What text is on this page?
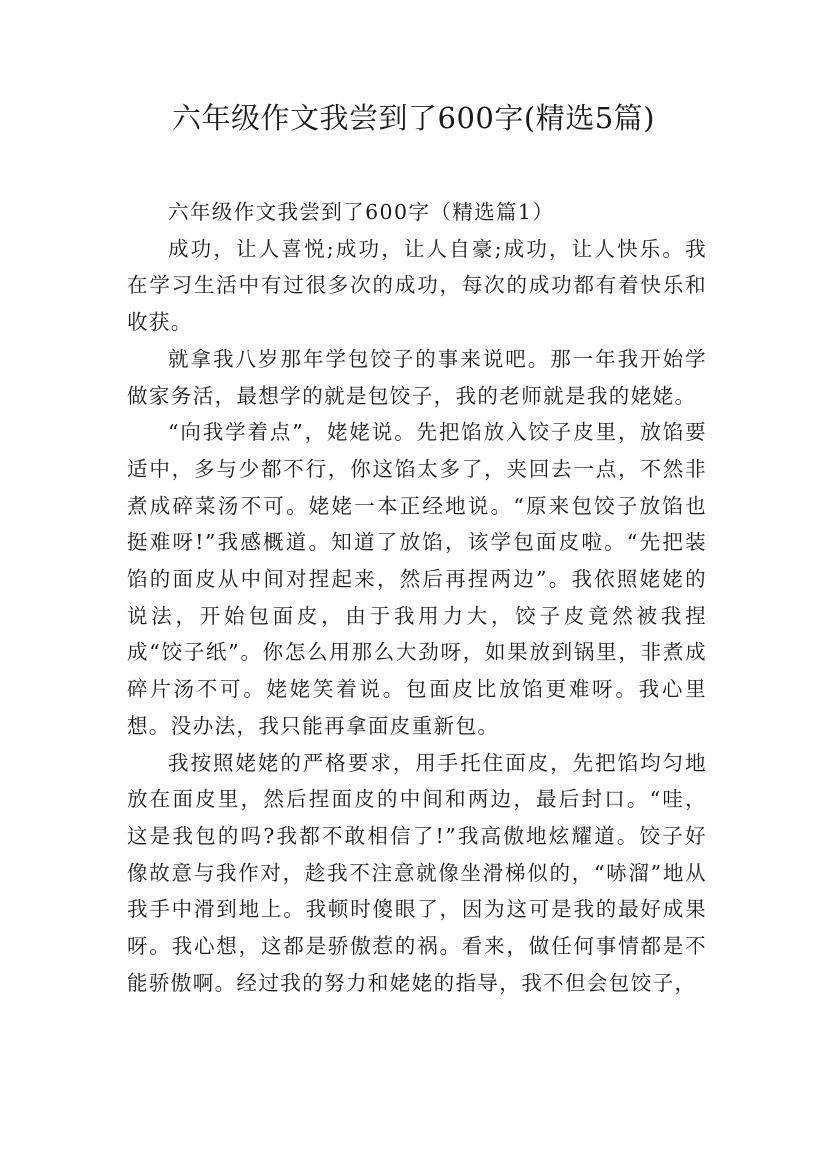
六年级作文我尝到了600字(精选5篇)

六年级作文我尝到了600字（精选篇1）

成功，让人喜悦;成功，让人自豪;成功，让人快乐。我在学习生活中有过很多次的成功，每次的成功都有着快乐和收获。

就拿我八岁那年学包饺子的事来说吧。那一年我开始学做家务活，最想学的就是包饺子，我的老师就是我的姥姥。

“向我学着点”，姥姥说。先把馅放入饺子皮里，放馅要适中，多与少都不行，你这馅太多了，夹回去一点，不然非煮成碎菜汤不可。姥姥一本正经地说。“原来包饺子放馅也挺难呀!”我感概道。知道了放馅，该学包面皮啦。“先把装馅的面皮从中间对捏起来，然后再捏两边”。我依照姥姥的说法，开始包面皮，由于我用力大，饺子皮竟然被我捏成“饺子纸”。你怎么用那么大劲呀，如果放到锅里，非煮成碎片汤不可。姥姥笑着说。包面皮比放馅更难呀。我心里想。没办法，我只能再拿面皮重新包。

我按照姥姥的严格要求，用手托住面皮，先把馅均匀地放在面皮里，然后捏面皮的中间和两边，最后封口。“哇，这是我包的吗?我都不敢相信了!”我高傲地炫耀道。饺子好像故意与我作对，趁我不注意就像坐滑梯似的，“哧溜”地从我手中滑到地上。我顿时傻眼了，因为这可是我的最好成果呀。我心想，这都是骄傲惹的祸。看来，做任何事情都是不能骄傲啊。经过我的努力和姥姥的指导，我不但会包饺子，
